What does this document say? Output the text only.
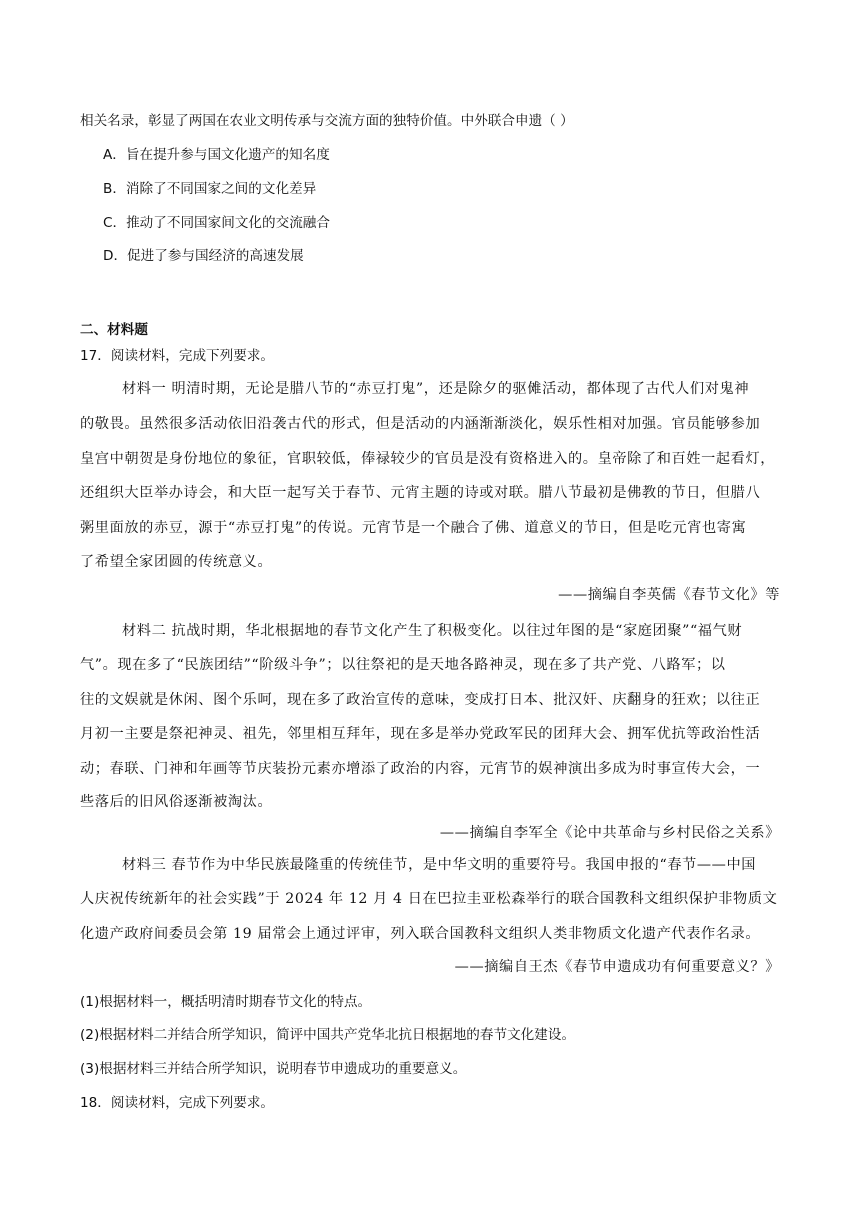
相关名录，彰显了两国在农业文明传承与交流方面的独特价值。中外联合申遗（ ）
A．旨在提升参与国文化遗产的知名度
B．消除了不同国家之间的文化差异
C．推动了不同国家间文化的交流融合
D．促进了参与国经济的高速发展
二、材料题
17．阅读材料，完成下列要求。
材料一 明清时期，无论是腊八节的“赤豆打鬼”，还是除夕的驱傩活动，都体现了古代人们对鬼神
的敬畏。虽然很多活动依旧沿袭古代的形式，但是活动的内涵渐渐淡化，娱乐性相对加强。官员能够参加
皇宫中朝贺是身份地位的象征，官职较低，俸禄较少的官员是没有资格进入的。皇帝除了和百姓一起看灯，
还组织大臣举办诗会，和大臣一起写关于春节、元宵主题的诗或对联。腊八节最初是佛教的节日，但腊八
粥里面放的赤豆，源于“赤豆打鬼”的传说。元宵节是一个融合了佛、道意义的节日，但是吃元宵也寄寓
了希望全家团圆的传统意义。
——摘编自李英儒《春节文化》等
材料二 抗战时期，华北根据地的春节文化产生了积极变化。以往过年图的是“家庭团聚”“福气财
气”。现在多了“民族团结”“阶级斗争”；以往祭祀的是天地各路神灵，现在多了共产党、八路军；以
往的文娱就是休闲、图个乐呵，现在多了政治宣传的意味，变成打日本、批汉奸、庆翻身的狂欢；以往正
月初一主要是祭祀神灵、祖先，邻里相互拜年，现在多是举办党政军民的团拜大会、拥军优抗等政治性活
动；春联、门神和年画等节庆装扮元素亦增添了政治的内容，元宵节的娱神演出多成为时事宣传大会，一
些落后的旧风俗逐渐被淘汰。
——摘编自李军全《论中共革命与乡村民俗之关系》
材料三 春节作为中华民族最隆重的传统佳节，是中华文明的重要符号。我国申报的“春节——中国
人庆祝传统新年的社会实践”于 2024 年 12 月 4 日在巴拉圭亚松森举行的联合国教科文组织保护非物质文
化遗产政府间委员会第 19 届常会上通过评审，列入联合国教科文组织人类非物质文化遗产代表作名录。
——摘编自王杰《春节申遗成功有何重要意义？》
(1)根据材料一，概括明清时期春节文化的特点。
(2)根据材料二并结合所学知识，简评中国共产党华北抗日根据地的春节文化建设。
(3)根据材料三并结合所学知识，说明春节申遗成功的重要意义。
18．阅读材料，完成下列要求。
